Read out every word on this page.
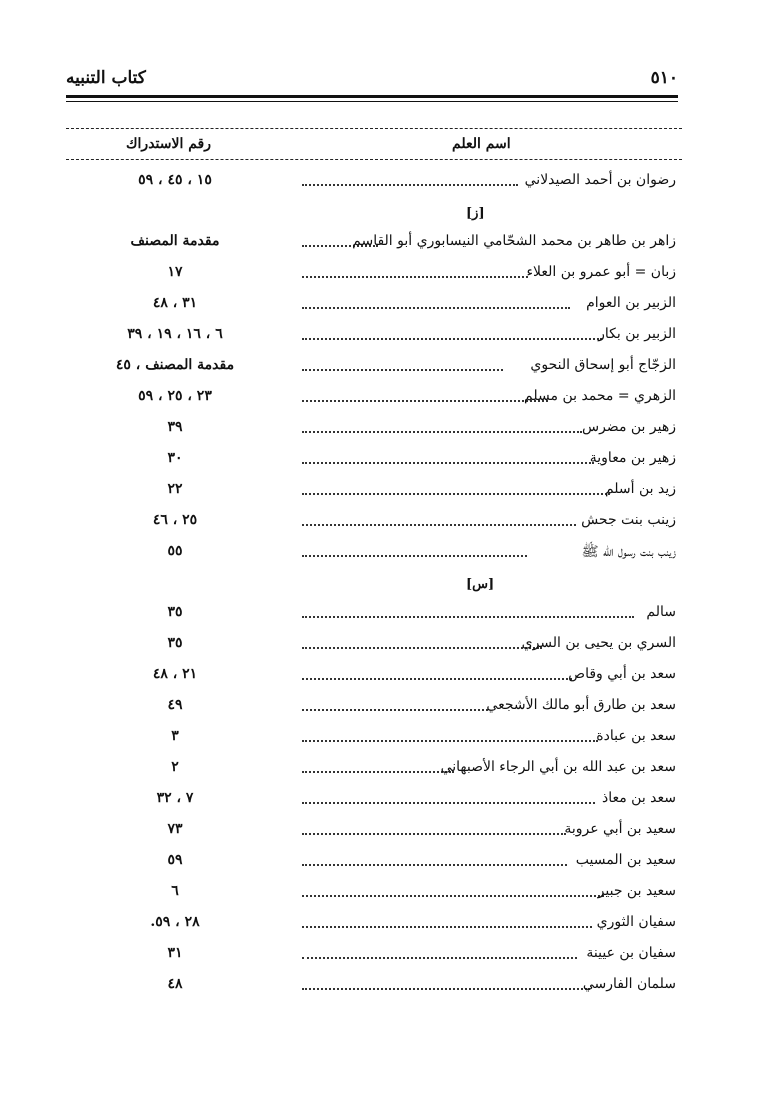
كتاب التنبيه	٥١٠
اسم العلم
رقم الاستدراك
١٥ ، ٤٥ ، ٥٩	رضوان بن أحمد الصيدلاني
[ز]
مقدمة المصنف	زاهر بن طاهر بن محمد الشحّامي النيسابوري أبو القاسم
١٧	زبان = أبو عمرو بن العلاء
٣١ ، ٤٨	الزبير بن العوام
٦ ، ١٦ ، ١٩ ، ٣٩	الزبير بن بكار
مقدمة المصنف ، ٤٥	الزجّاج أبو إسحاق النحوي
٢٣ ، ٢٥ ، ٥٩	الزهري = محمد بن مسلم
٣٩	زهير بن مضرس
٣٠	زهير بن معاوية
٢٢	زيد بن أسلم
٢٥ ، ٤٦	زينب بنت جحش
٥٥	زينب بنت رسول الله ﷺ
[س]
٣٥	سالم
٣٥	السري بن يحيى بن السري
٢١ ، ٤٨	سعد بن أبي وقاص
٤٩	سعد بن طارق أبو مالك الأشجعي
٣	سعد بن عبادة
٢	سعد بن عبد الله بن أبي الرجاء الأصبهاني
٧ ، ٣٢	سعد بن معاذ
٧٣	سعيد بن أبي عروبة
٥٩	سعيد بن المسيب
٦	سعيد بن جبير
٢٨ ، ٥٩.	سفيان الثوري
٣١	سفيان بن عيينة
٤٨	سلمان الفارسي
